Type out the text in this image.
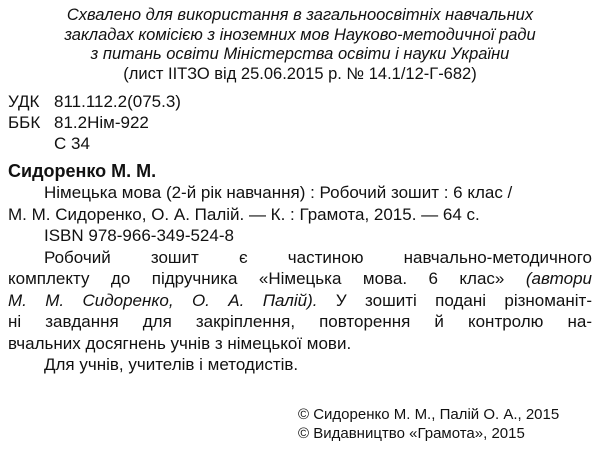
Схвалено для використання в загальноосвітніх навчальних
закладах комісією з іноземних мов Науково-методичної ради
з питань освіти Міністерства освіти і науки України
(лист ІІТЗО від 25.06.2015 р. № 14.1/12-Г-682)
УДК 811.112.2(075.3)
ББК 81.2Нім-922
С 34
Сидоренко М. М.
Німецька мова (2-й рік навчання) : Робочий зошит : 6 клас /
М. М. Сидоренко, О. А. Палій. — К. : Грамота, 2015. — 64 с.
ISBN 978-966-349-524-8
Робочий зошит є частиною навчально-методичного
комплекту до підручника «Німецька мова. 6 клас» (автори
М. М. Сидоренко, О. А. Палій). У зошиті подані різноманіт-
ні завдання для закріплення, повторення й контролю на-
вчальних досягнень учнів з німецької мови.
Для учнів, учителів і методистів.
© Сидоренко М. М., Палій О. А., 2015
© Видавництво «Грамота», 2015
